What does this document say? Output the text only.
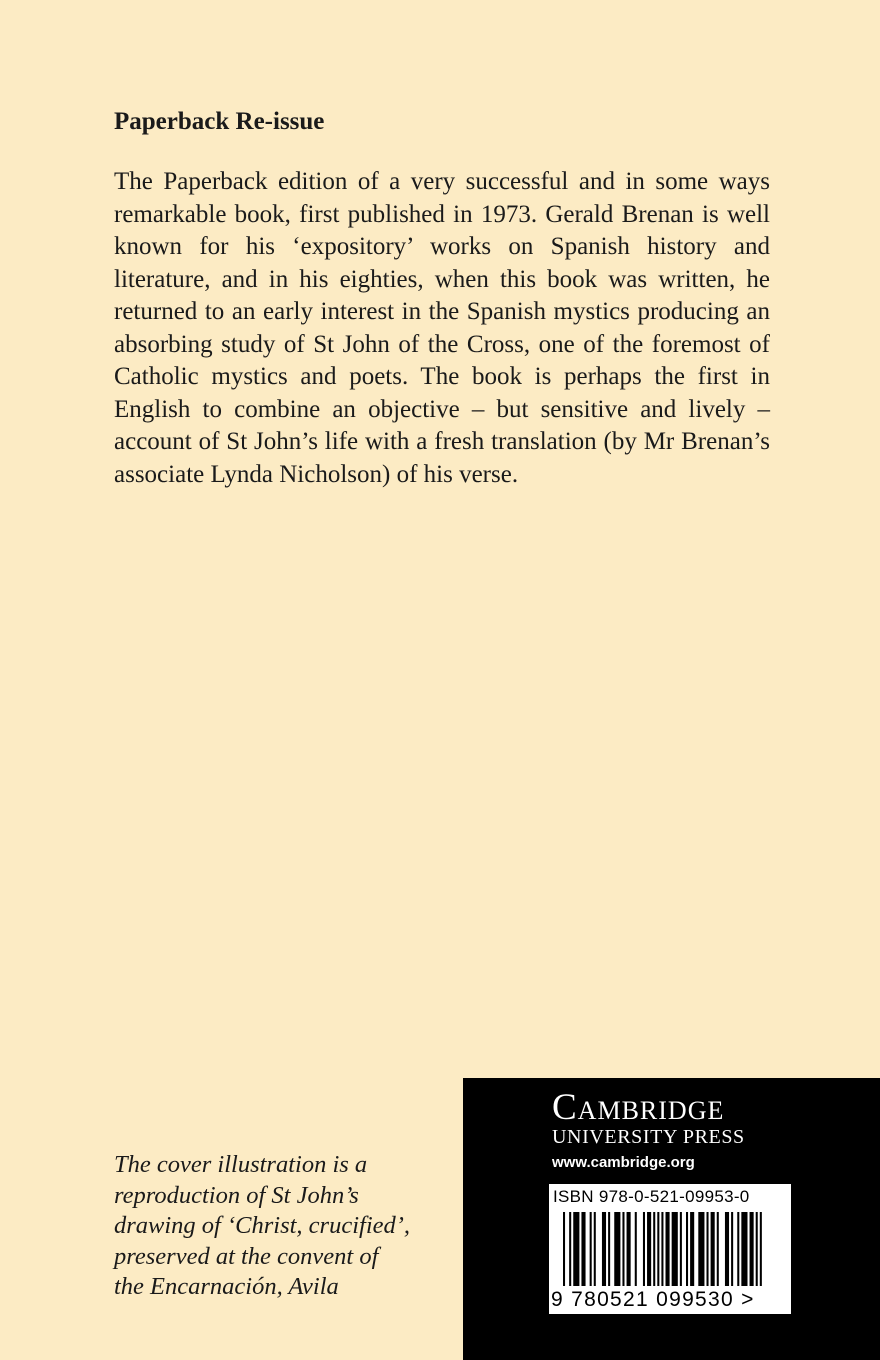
Paperback Re-issue

The Paperback edition of a very successful and in some ways remarkable book, first published in 1973. Gerald Brenan is well known for his ‘expository’ works on Spanish history and literature, and in his eighties, when this book was written, he returned to an early interest in the Spanish mystics producing an absorbing study of St John of the Cross, one of the foremost of Catholic mystics and poets. The book is perhaps the first in English to combine an objective – but sensitive and lively – account of St John’s life with a fresh translation (by Mr Brenan’s associate Lynda Nicholson) of his verse.

The cover illustration is a
reproduction of St John’s
drawing of ‘Christ, crucified’,
preserved at the convent of
the Encarnación, Avila

Cambridge
UNIVERSITY PRESS
www.cambridge.org
ISBN 978-0-521-09953-0
9 780521 099530 >
